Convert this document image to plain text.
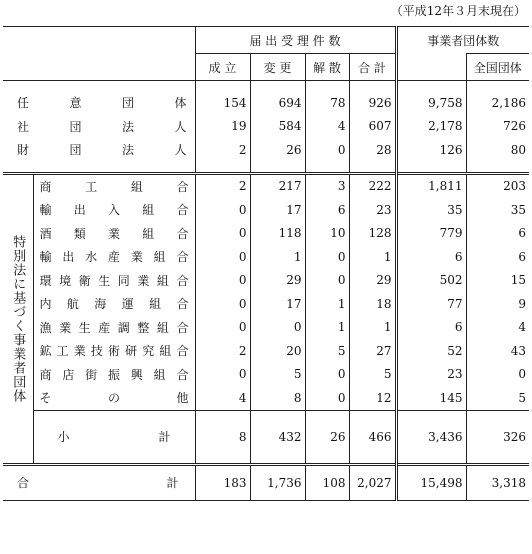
（平成12年３月末現在）
		届 出 受 理 件 数				事業者団体数	
		成 立	変 更	解 散	合 計		全国団体

任意団体		154	694	78	926	9,758	2,186
社団法人		19	584	4	607	2,178	726
財団法人		2	26	0	28	126	80

特別法に基づく事業者団体	商工組合	2	217	3	222	1,811	203
	輸出入組合	0	17	6	23	35	35
	酒類業組合	0	118	10	128	779	6
	輸出水産業組合	0	1	0	1	6	6
	環境衛生同業組合	0	29	0	29	502	15
	内航海運組合	0	17	1	18	77	9
	漁業生産調整組合	0	0	1	1	6	4
	鉱工業技術研究組合	2	20	5	27	52	43
	商店街振興組合	0	5	0	5	23	0
	その他	4	8	0	12	145	5

	小計	8	432	26	466	3,436	326

合計		183	1,736	108	2,027	15,498	3,318
